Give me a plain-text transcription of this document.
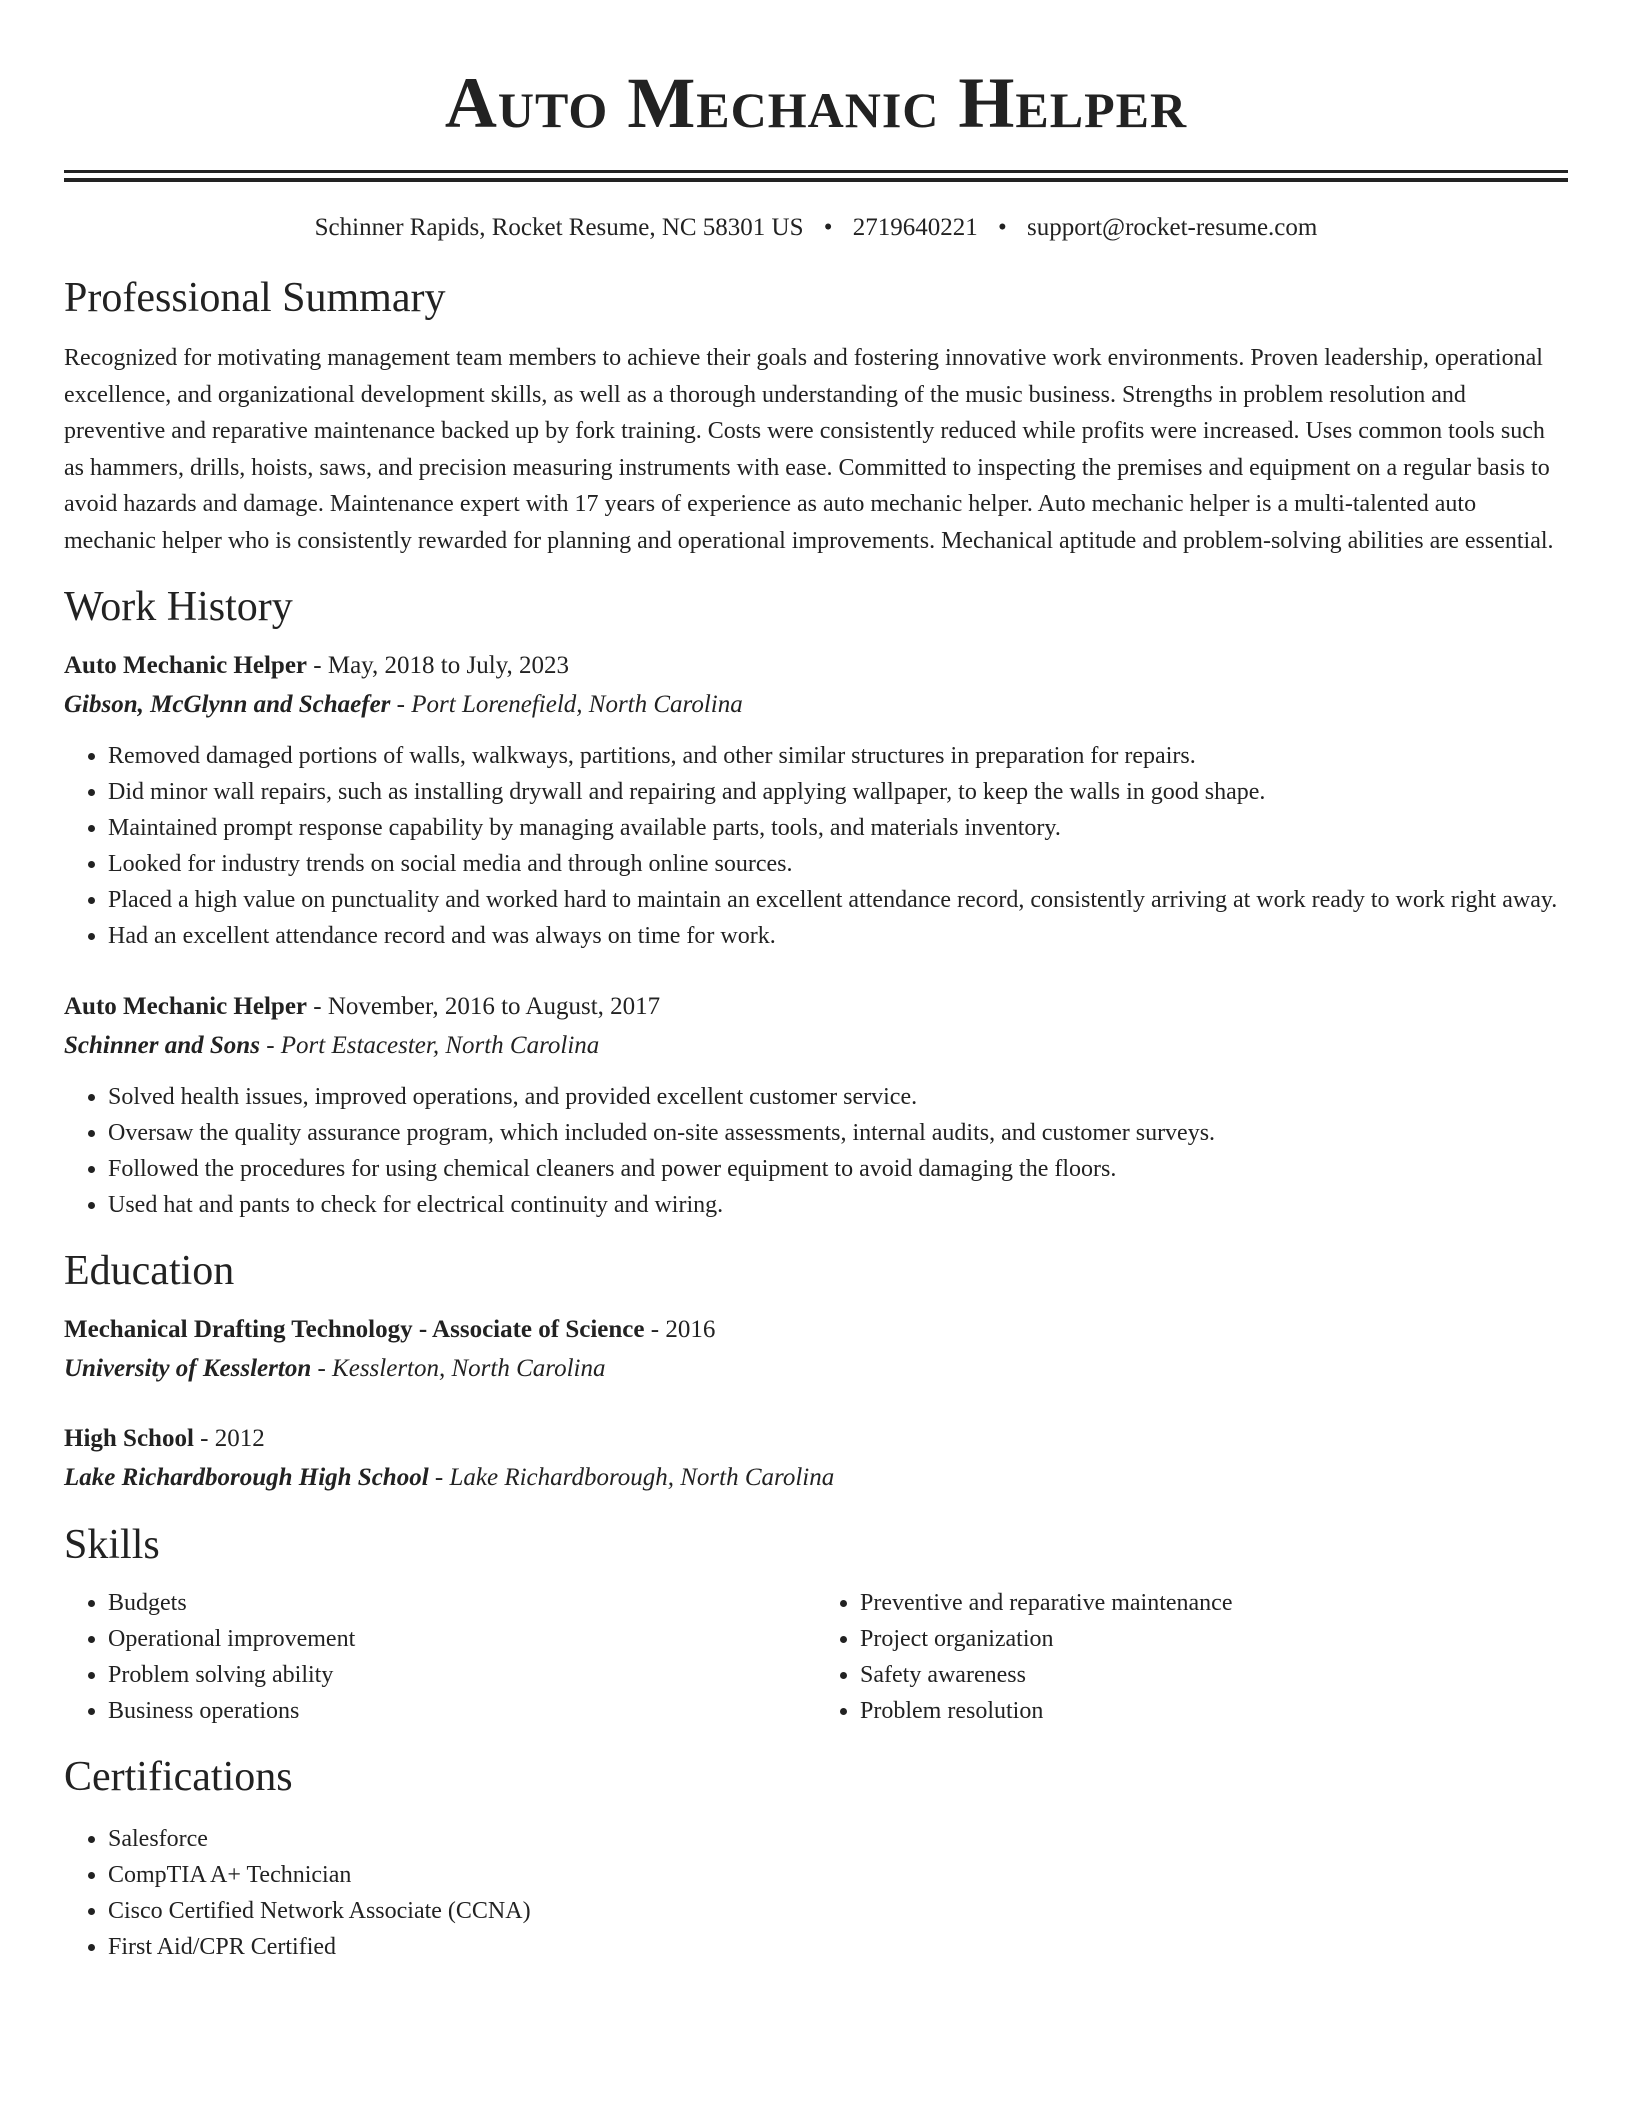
Auto Mechanic Helper
Schinner Rapids, Rocket Resume, NC 58301 US • 2719640221 • support@rocket-resume.com
Professional Summary

Recognized for motivating management team members to achieve their goals and fostering innovative work environments. Proven leadership, operational excellence, and organizational development skills, as well as a thorough understanding of the music business. Strengths in problem resolution and preventive and reparative maintenance backed up by fork training. Costs were consistently reduced while profits were increased. Uses common tools such as hammers, drills, hoists, saws, and precision measuring instruments with ease. Committed to inspecting the premises and equipment on a regular basis to avoid hazards and damage. Maintenance expert with 17 years of experience as auto mechanic helper. Auto mechanic helper is a multi-talented auto mechanic helper who is consistently rewarded for planning and operational improvements. Mechanical aptitude and problem-solving abilities are essential.

Work History
Auto Mechanic Helper - May, 2018 to July, 2023
Gibson, McGlynn and Schaefer - Port Lorenefield, North Carolina
• Removed damaged portions of walls, walkways, partitions, and other similar structures in preparation for repairs.
• Did minor wall repairs, such as installing drywall and repairing and applying wallpaper, to keep the walls in good shape.
• Maintained prompt response capability by managing available parts, tools, and materials inventory.
• Looked for industry trends on social media and through online sources.
• Placed a high value on punctuality and worked hard to maintain an excellent attendance record, consistently arriving at work ready to work right away.
• Had an excellent attendance record and was always on time for work.
Auto Mechanic Helper - November, 2016 to August, 2017
Schinner and Sons - Port Estacester, North Carolina
• Solved health issues, improved operations, and provided excellent customer service.
• Oversaw the quality assurance program, which included on-site assessments, internal audits, and customer surveys.
• Followed the procedures for using chemical cleaners and power equipment to avoid damaging the floors.
• Used hat and pants to check for electrical continuity and wiring.
Education
Mechanical Drafting Technology - Associate of Science - 2016
University of Kesslerton - Kesslerton, North Carolina
High School - 2012
Lake Richardborough High School - Lake Richardborough, North Carolina
Skills
• Budgets
• Operational improvement
• Problem solving ability
• Business operations
• Preventive and reparative maintenance
• Project organization
• Safety awareness
• Problem resolution
Certifications
• Salesforce
• CompTIA A+ Technician
• Cisco Certified Network Associate (CCNA)
• First Aid/CPR Certified
